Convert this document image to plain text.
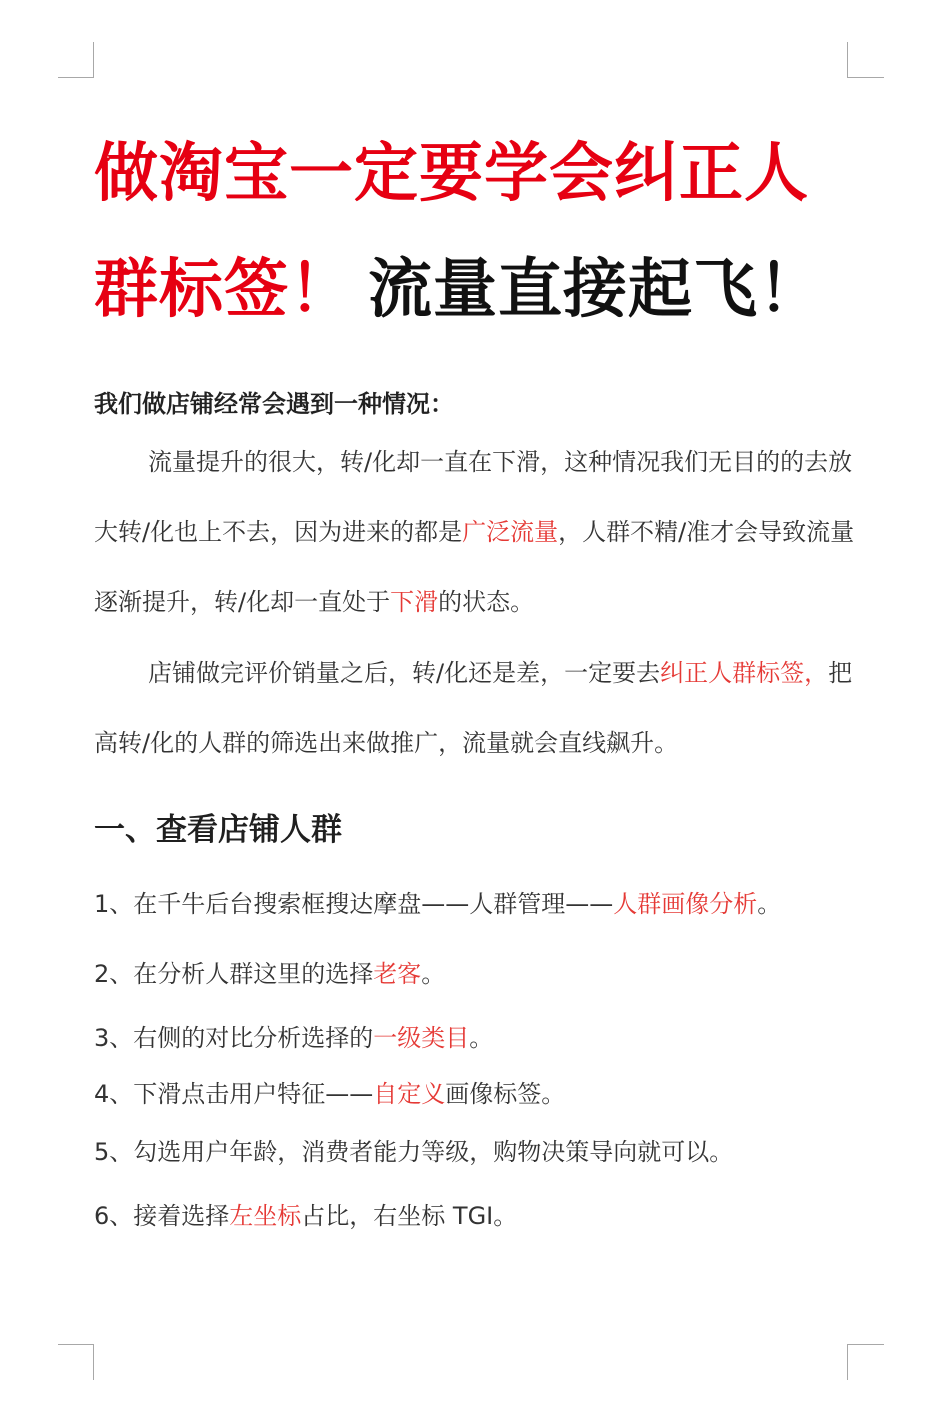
做淘宝一定要学会纠正人
群标签！ 流量直接起飞！
我们做店铺经常会遇到一种情况：

流量提升的很大，转/化却一直在下滑，这种情况我们无目的的去放大转/化也上不去，因为进来的都是广泛流量，人群不精/准才会导致流量逐渐提升，转/化却一直处于下滑的状态。

店铺做完评价销量之后，转/化还是差，一定要去纠正人群标签，把高转/化的人群的筛选出来做推广，流量就会直线飙升。

一、查看店铺人群
1、在千牛后台搜索框搜达摩盘——人群管理——人群画像分析。
2、在分析人群这里的选择老客。
3、右侧的对比分析选择的一级类目。
4、下滑点击用户特征——自定义画像标签。
5、勾选用户年龄，消费者能力等级，购物决策导向就可以。
6、接着选择左坐标占比，右坐标 TGI。
